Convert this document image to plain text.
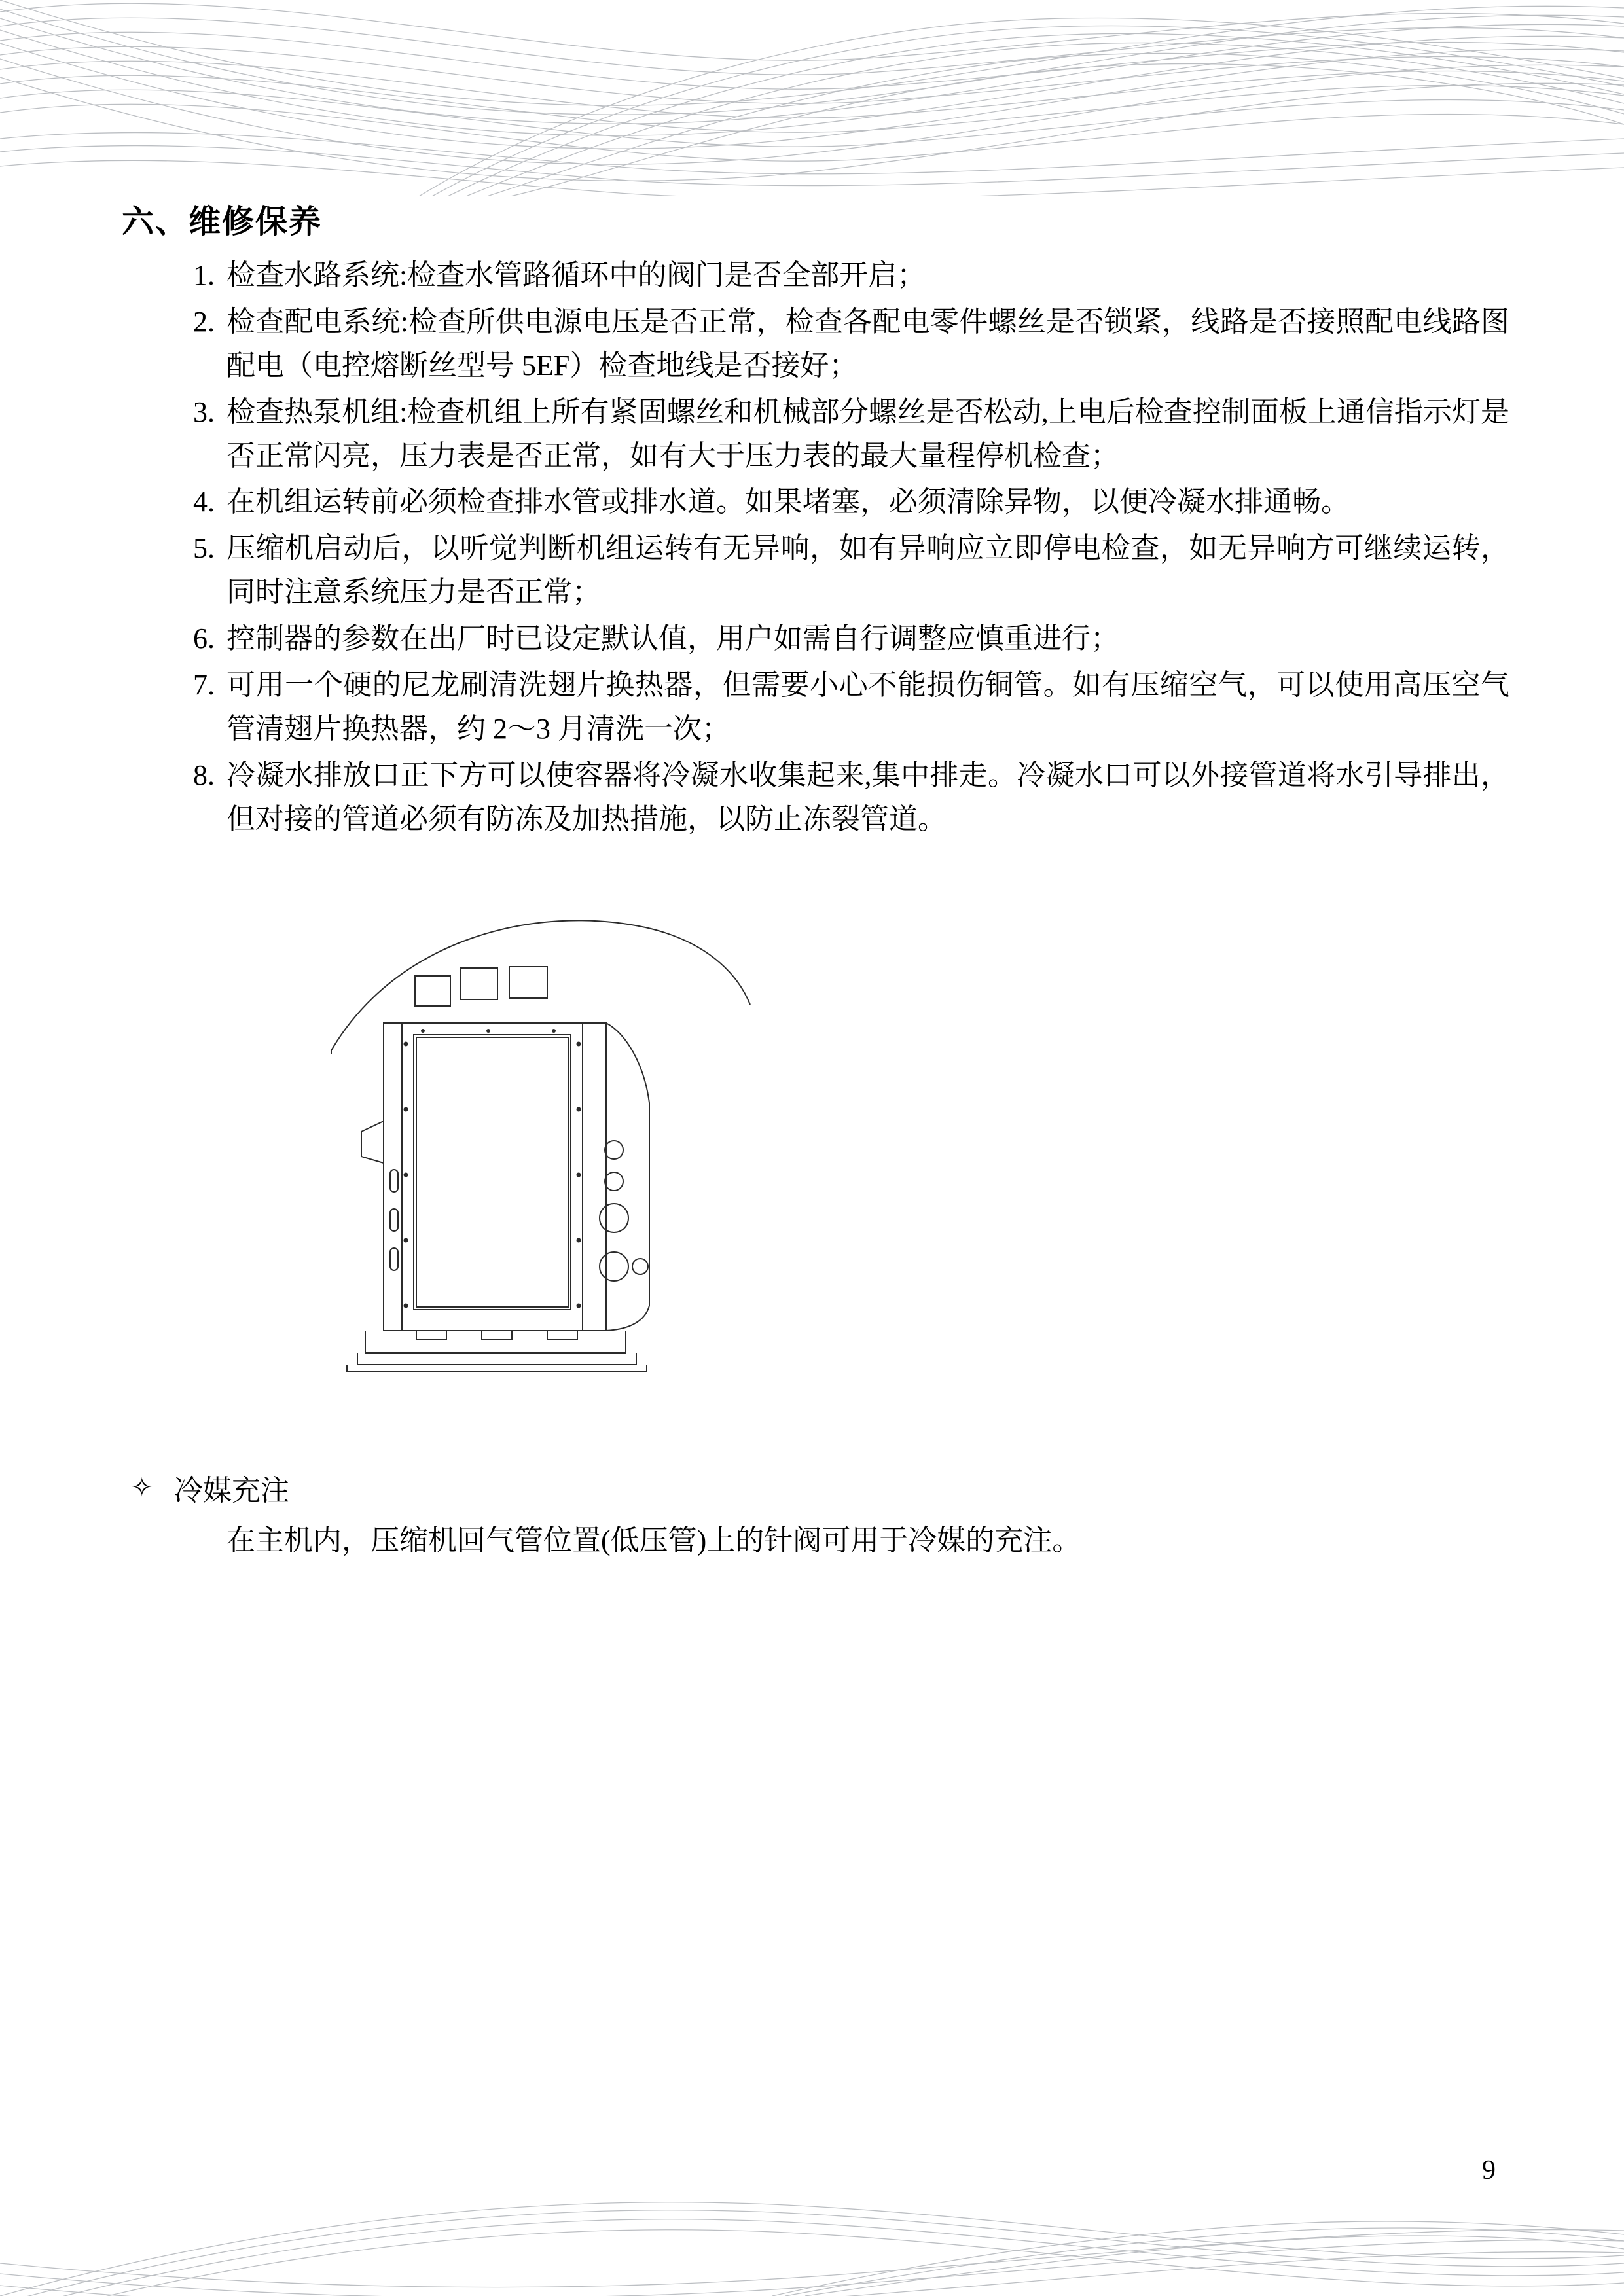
六、维修保养
1. 检查水路系统:检查水管路循环中的阀门是否全部开启；
2. 检查配电系统:检查所供电源电压是否正常，检查各配电零件螺丝是否锁紧，线路是否接照配电线路图配电（电控熔断丝型号 5EF）检查地线是否接好；
3. 检查热泵机组:检查机组上所有紧固螺丝和机械部分螺丝是否松动,上电后检查控制面板上通信指示灯是否正常闪亮，压力表是否正常，如有大于压力表的最大量程停机检查；
4. 在机组运转前必须检查排水管或排水道。如果堵塞，必须清除异物，以便冷凝水排通畅。
5. 压缩机启动后，以听觉判断机组运转有无异响，如有异响应立即停电检查，如无异响方可继续运转，同时注意系统压力是否正常；
6. 控制器的参数在出厂时已设定默认值，用户如需自行调整应慎重进行；
7. 可用一个硬的尼龙刷清洗翅片换热器，但需要小心不能损伤铜管。如有压缩空气，可以使用高压空气管清翅片换热器，约 2～3 月清洗一次；
8. 冷凝水排放口正下方可以使容器将冷凝水收集起来,集中排走。冷凝水口可以外接管道将水引导排出，但对接的管道必须有防冻及加热措施，以防止冻裂管道。
✧ 冷媒充注
在主机内，压缩机回气管位置(低压管)上的针阀可用于冷媒的充注。
9
